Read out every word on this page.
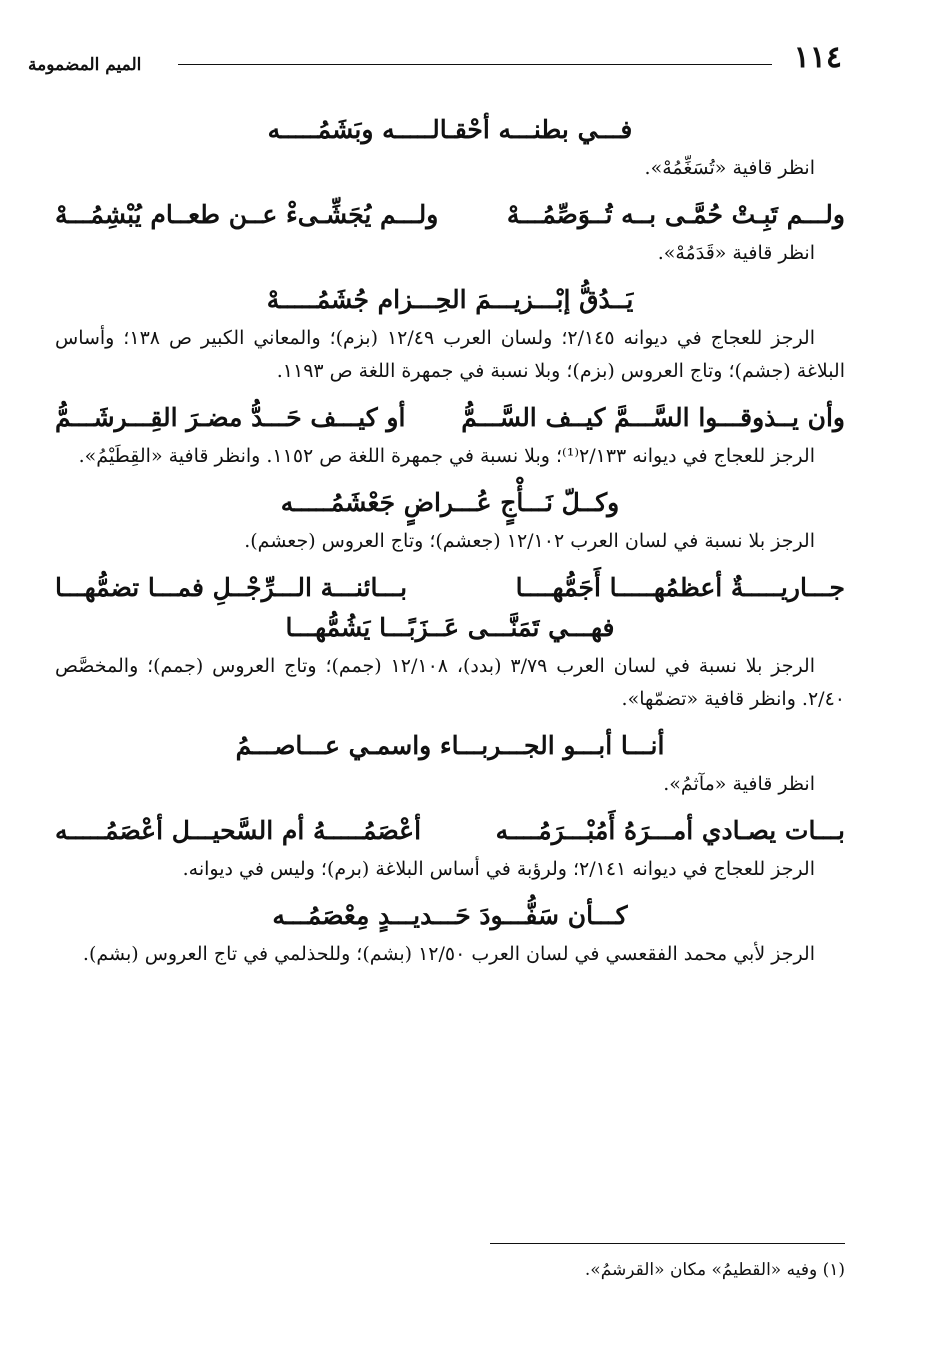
١١٤
الميم المضمومة
فـــي بطنـــه أحْقـالـــــه وبَشَمُـــــه
انظر قافية «تُسَغِّمُهْ».
ولـــم تَبِـتْ حُمَّـى بــه تُــوَصِّمُـــهْ
ولـــم يُجَشِّـىءْ عــن طعــام يُبْشِمُـــهْ
انظر قافية «قَدَمُهْ».
يَــدُقُّ إبْـــزيـــمَ الحِـــزام جُشَمُـــــهْ
الرجز للعجاج في ديوانه ٢/١٤٥؛ ولسان العرب ١٢/٤٩ (بزم)؛ والمعاني الكبير ص ١٣٨؛ وأساس البلاغة (جشم)؛ وتاج العروس (بزم)؛ وبلا نسبة في جمهرة اللغة ص ١١٩٣.
وأن يــذوقـــوا السَّـــمَّ كيــف السَّـــمُّ
أو كيـــف حَـــدُّ مضـرَ القِـــرشَـــمُّ
الرجز للعجاج في ديوانه ٢/١٣٣⁽¹⁾؛ وبلا نسبة في جمهرة اللغة ص ١١٥٢. وانظر قافية «القِطَيْمُ».
وكــلّ نَـــأْجٍ عُـــراضٍ جَعْشَمُـــــه
الرجز بلا نسبة في لسان العرب ١٢/١٠٢ (جعشم)؛ وتاج العروس (جعشم).
جـــاريـــــةٌ أعظمُهـــــا أَجَمُّهــــا
بـــائنـــة الـــرِّجْــلِ فمـــا تضمُّهـــا
فهـــي تَمَنَّـــى عَــزَبًـــا يَشُمُّهـــا
الرجز بلا نسبة في لسان العرب ٣/٧٩ (بدد)، ١٢/١٠٨ (جمم)؛ وتاج العروس (جمم)؛ والمخصَّص ٢/٤٠. وانظر قافية «تضمّها».
أنـــا أبـــو الجـــربـــاء واسمـي عـــاصـــمُ
انظر قافية «مآثمُ».
بـــات يصـادي أمـــرَهُ أَمُبْـــرَمُــــه
أعْصَمُـــــهُ أم السَّحيـــل أعْصَمُـــــه
الرجز للعجاج في ديوانه ٢/١٤١؛ ولرؤبة في أساس البلاغة (برم)؛ وليس في ديوانه.
كـــأن سَفُّـــودَ حَـــديـــدٍ مِعْصَمُـــه
الرجز لأبي محمد الفقعسي في لسان العرب ١٢/٥٠ (بشم)؛ وللحذلمي في تاج العروس (بشم).
(١) وفيه «القطيمُ» مكان «القرشمُ».
